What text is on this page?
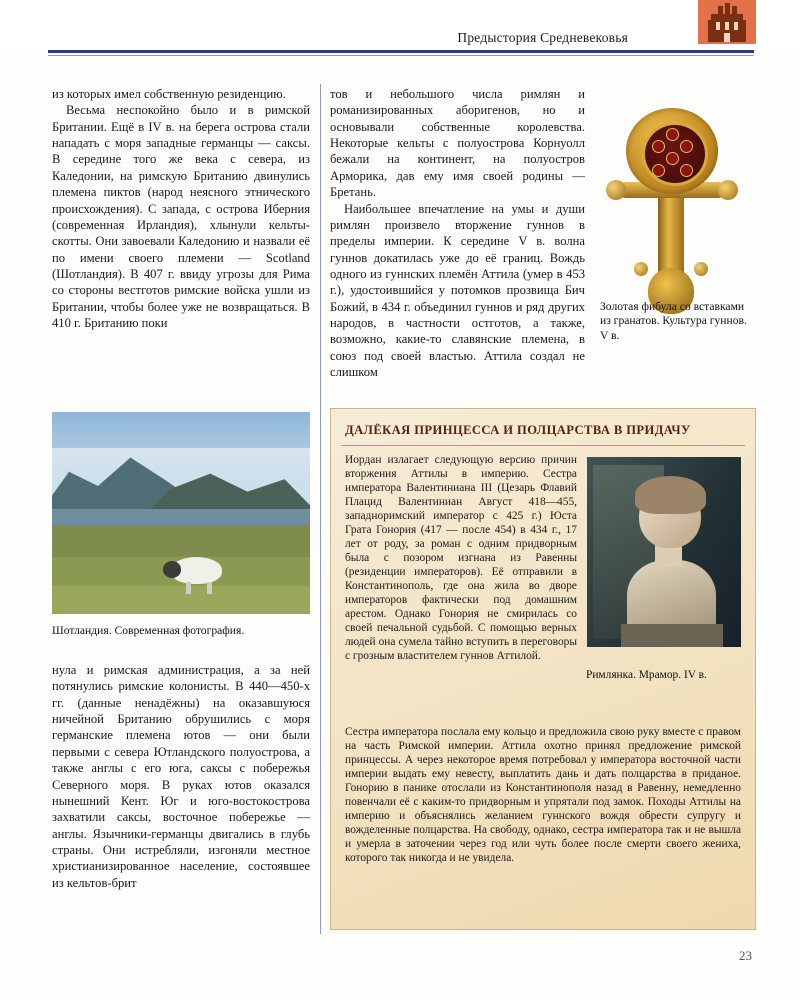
Предыстория Средневековья

из которых имел собственную резиденцию.

Весьма неспокойно было и в римской Британии. Ещё в IV в. на берега острова стали нападать с моря западные германцы — саксы. В середине того же века с севера, из Каледонии, на римскую Британию двинулись племена пиктов (народ неясного этнического происхождения). С запада, с острова Иберния (современная Ирландия), хлынули кельты-скотты. Они завоевали Каледонию и назвали её по имени своего племени — Scotland (Шотландия). В 407 г. ввиду угрозы для Рима со стороны вестготов римские войска ушли из Британии, чтобы более уже не возвращаться. В 410 г. Британию поки

Шотландия. Современная фотография.

нула и римская администрация, а за ней потянулись римские колонисты. В 440—450-х гг. (данные ненадёжны) на оказавшуюся ничейной Британию обрушились с моря германские племена ютов — они были первыми с севера Ютландского полуострова, а также англы с его юга, саксы с побережья Северного моря. В руках ютов оказался нынешний Кент. Юг и юго-востокострова захватили саксы, восточное побережье — англы. Язычники-германцы двигались в глубь страны. Они истребляли, изгоняли местное христианизированное население, состоявшее из кельтов-брит

тов и небольшого числа римлян и романизированных аборигенов, но и основывали собственные королевства. Некоторые кельты с полуострова Корнуолл бежали на континент, на полуостров Арморика, дав ему имя своей родины — Бретань.

Наибольшее впечатление на умы и души римлян произвело вторжение гуннов в пределы империи. К середине V в. волна гуннов докатилась уже до её границ. Вождь одного из гуннских племён Аттила (умер в 453 г.), удостоившийся у потомков прозвища Бич Божий, в 434 г. объединил гуннов и ряд других народов, в частности остготов, а также, возможно, какие-то славянские племена, в союз под своей властью. Аттила создал не слишком

Золотая фибула со вставками из гранатов. Культура гуннов. V в.
ДАЛЁКАЯ ПРИНЦЕССА И ПОЛЦАРСТВА В ПРИДАЧУ
Иордан излагает следующую версию причин вторжения Аттилы в империю. Сестра императора Валентиниана III (Цезарь Флавий Плацид Валентиниан Август 418—455, западноримский император с 425 г.) Юста Грата Гонория (417 — после 454) в 434 г., 17 лет от роду, за роман с одним придворным была с позором изгнана из Равенны (резиденции императоров). Её отправили в Константинополь, где она жила во дворе императоров фактически под домашним арестом. Однако Гонория не смирилась со своей печальной судьбой. С помощью верных людей она сумела тайно вступить в переговоры с грозным властителем гуннов Аттилой.
Сестра императора послала ему кольцо и предложила свою руку вместе с правом на часть Римской империи. Аттила охотно принял предложение римской принцессы. А через некоторое время потребовал у императора восточной части империи выдать ему невесту, выплатить дань и дать полцарства в приданое. Гонорию в панике отослали из Константинополя назад в Равенну, немедленно повенчали её с каким-то придворным и упрятали под замок. Походы Аттилы на империю и объяснялись желанием гуннского вождя обрести супругу и вожделенные полцарства. На свободу, однако, сестра императора так и не вышла и умерла в заточении через год или чуть более после смерти своего жениха, которого так никогда и не увидела.
Римлянка. Мрамор. IV в.
23
